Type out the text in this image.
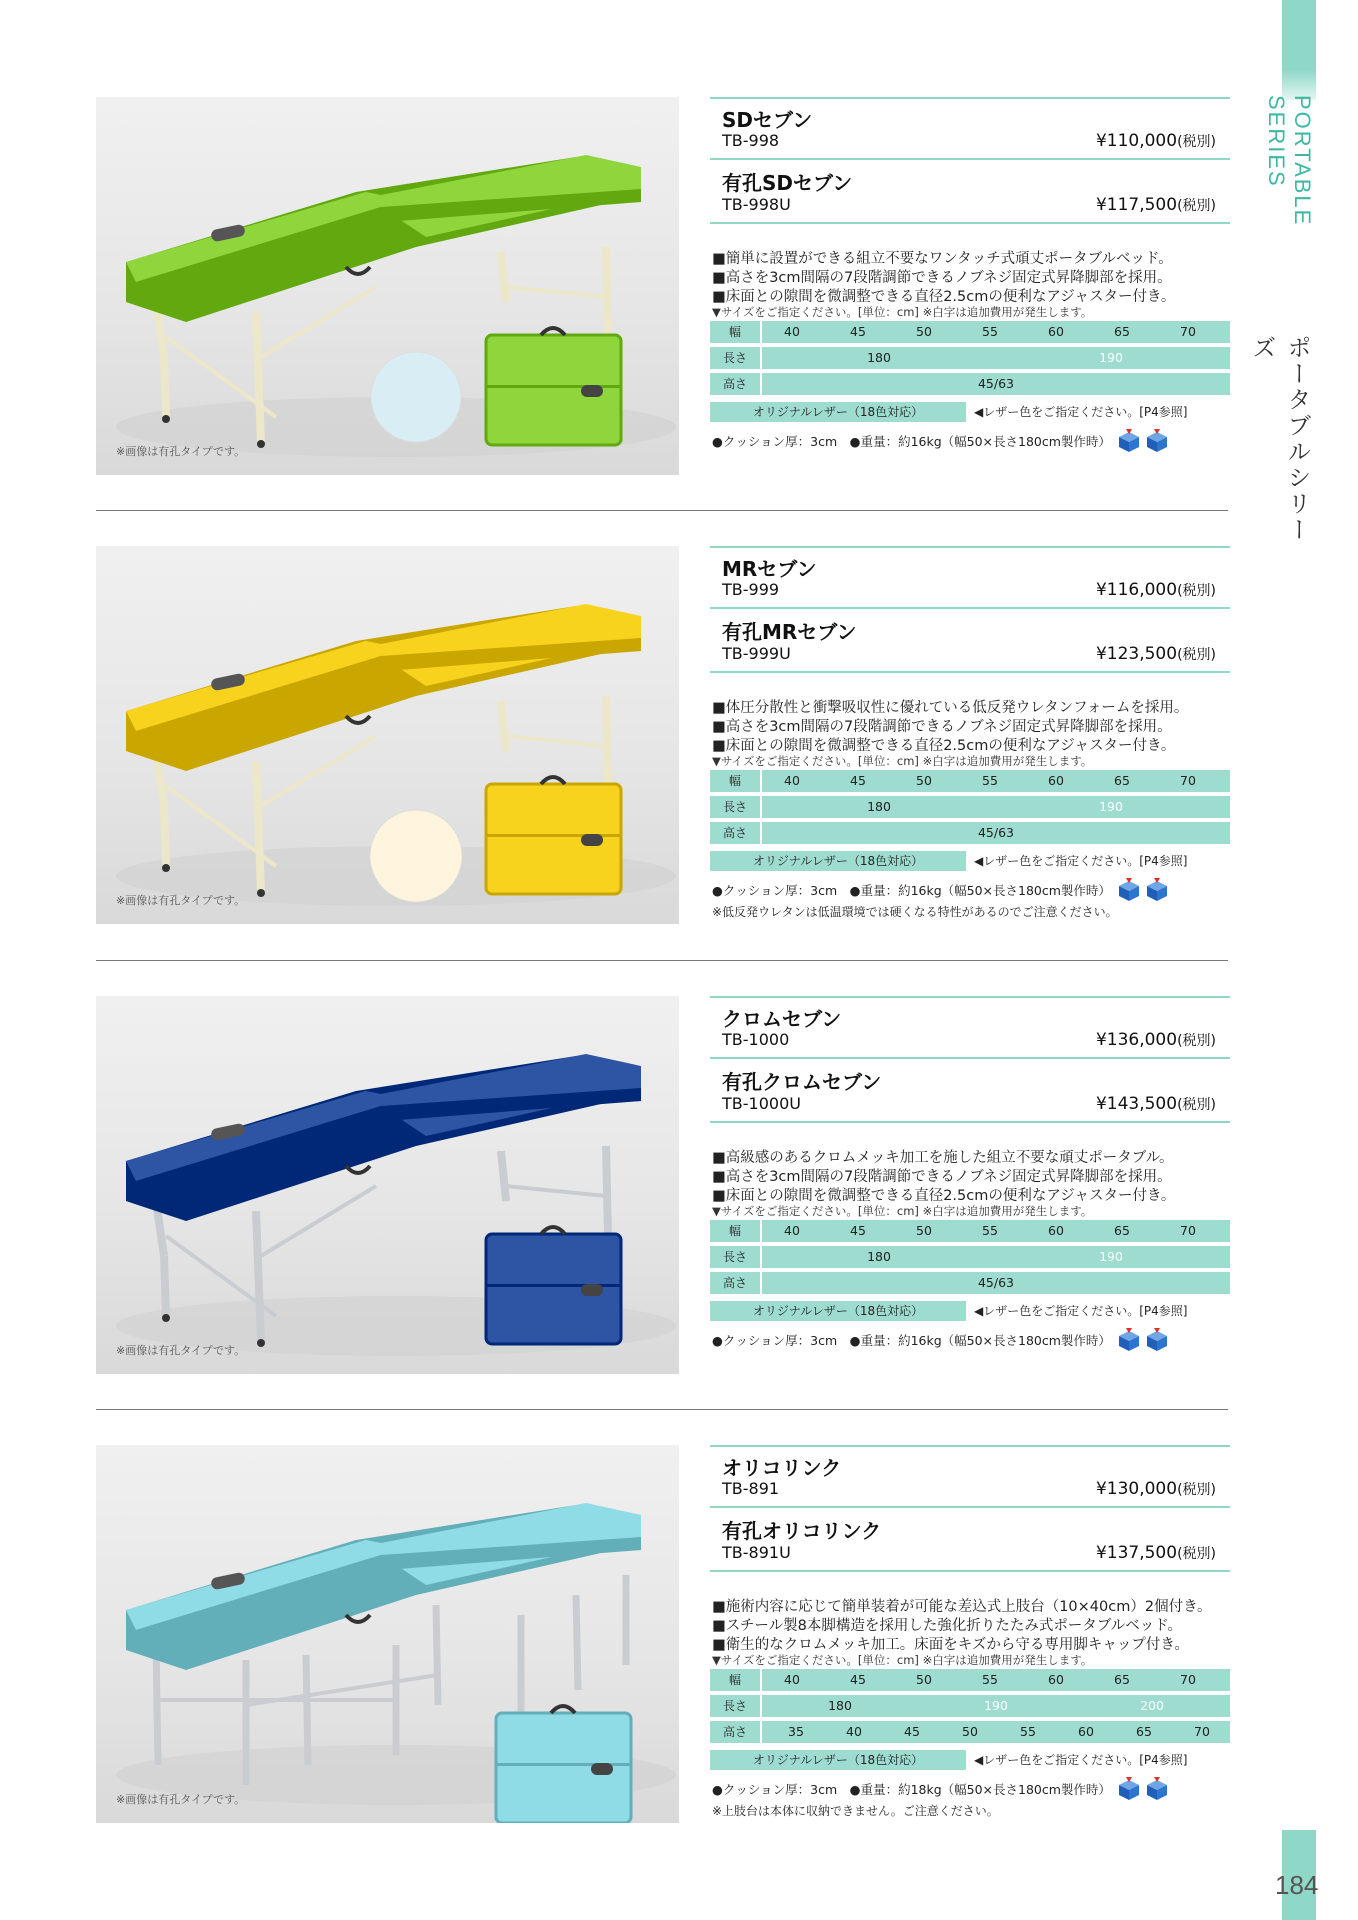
PORTABLE SERIES
ポータブルシリーズ
184
※画像は有孔タイプです。
SDセブン
TB-998	¥110,000(税別)
有孔SDセブン
TB-998U	¥117,500(税別)
■簡単に設置ができる組立不要なワンタッチ式頑丈ポータブルベッド。
■高さを3cm間隔の7段階調節できるノブネジ固定式昇降脚部を採用。
■床面との隙間を微調整できる直径2.5cmの便利なアジャスター付き。
▼サイズをご指定ください。[単位：cm] ※白字は追加費用が発生します。
幅	40	45	50	55	60	65	70
長さ	180	190
高さ	45/63
オリジナルレザー（18色対応）	◀レザー色をご指定ください。[P4参照]
●クッション厚：3cm　●重量：約16kg（幅50×長さ180cm製作時）
※画像は有孔タイプです。
MRセブン
TB-999	¥116,000(税別)
有孔MRセブン
TB-999U	¥123,500(税別)
■体圧分散性と衝撃吸収性に優れている低反発ウレタンフォームを採用。
■高さを3cm間隔の7段階調節できるノブネジ固定式昇降脚部を採用。
■床面との隙間を微調整できる直径2.5cmの便利なアジャスター付き。
▼サイズをご指定ください。[単位：cm] ※白字は追加費用が発生します。
幅	40	45	50	55	60	65	70
長さ	180	190
高さ	45/63
オリジナルレザー（18色対応）	◀レザー色をご指定ください。[P4参照]
●クッション厚：3cm　●重量：約16kg（幅50×長さ180cm製作時）
※低反発ウレタンは低温環境では硬くなる特性があるのでご注意ください。
※画像は有孔タイプです。
クロムセブン
TB-1000	¥136,000(税別)
有孔クロムセブン
TB-1000U	¥143,500(税別)
■高級感のあるクロムメッキ加工を施した組立不要な頑丈ポータブル。
■高さを3cm間隔の7段階調節できるノブネジ固定式昇降脚部を採用。
■床面との隙間を微調整できる直径2.5cmの便利なアジャスター付き。
▼サイズをご指定ください。[単位：cm] ※白字は追加費用が発生します。
幅	40	45	50	55	60	65	70
長さ	180	190
高さ	45/63
オリジナルレザー（18色対応）	◀レザー色をご指定ください。[P4参照]
●クッション厚：3cm　●重量：約16kg（幅50×長さ180cm製作時）
※画像は有孔タイプです。
オリコリンク
TB-891	¥130,000(税別)
有孔オリコリンク
TB-891U	¥137,500(税別)
■施術内容に応じて簡単装着が可能な差込式上肢台（10×40cm）2個付き。
■スチール製8本脚構造を採用した強化折りたたみ式ポータブルベッド。
■衛生的なクロムメッキ加工。床面をキズから守る専用脚キャップ付き。
▼サイズをご指定ください。[単位：cm] ※白字は追加費用が発生します。
幅	40	45	50	55	60	65	70
長さ	180	190	200
高さ	35	40	45	50	55	60	65	70
オリジナルレザー（18色対応）	◀レザー色をご指定ください。[P4参照]
●クッション厚：3cm　●重量：約18kg（幅50×長さ180cm製作時）
※上肢台は本体に収納できません。ご注意ください。
